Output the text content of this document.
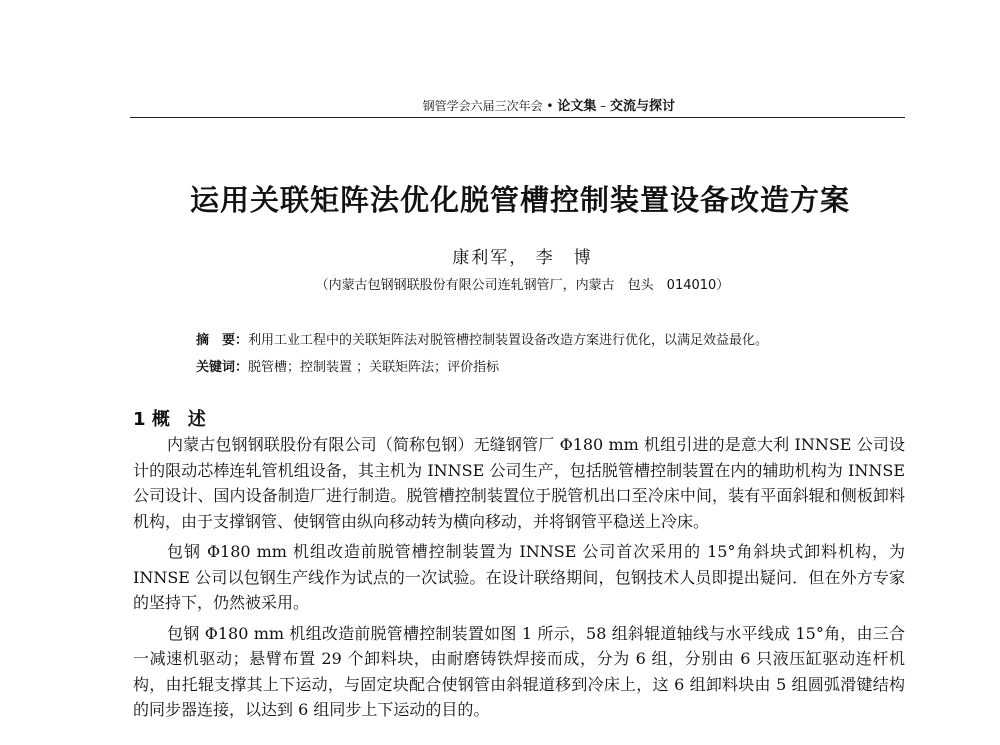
钢管学会六届三次年会 • 论文集 – 交流与探讨
运用关联矩阵法优化脱管槽控制装置设备改造方案
康利军， 李　博
（内蒙古包钢钢联股份有限公司连轧钢管厂，内蒙古　包头　014010）
摘　要：利用工业工程中的关联矩阵法对脱管槽控制装置设备改造方案进行优化，以满足效益最化。
关键词：脱管槽；控制装置 ；关联矩阵法；评价指标
1 概　述

内蒙古包钢钢联股份有限公司（简称包钢）无缝钢管厂 Φ180 mm 机组引进的是意大利 INNSE 公司设计的限动芯棒连轧管机组设备，其主机为 INNSE 公司生产，包括脱管槽控制装置在内的辅助机构为 INNSE 公司设计、国内设备制造厂进行制造。脱管槽控制装置位于脱管机出口至冷床中间，装有平面斜辊和侧板卸料机构，由于支撑钢管、使钢管由纵向移动转为横向移动，并将钢管平稳送上冷床。

包钢 Φ180 mm 机组改造前脱管槽控制装置为 INNSE 公司首次采用的 15°角斜块式卸料机构，为 INNSE 公司以包钢生产线作为试点的一次试验。在设计联络期间，包钢技术人员即提出疑问．但在外方专家的坚持下，仍然被采用。

包钢 Φ180 mm 机组改造前脱管槽控制装置如图 1 所示，58 组斜辊道轴线与水平线成 15°角，由三合一减速机驱动；悬臂布置 29 个卸料块，由耐磨铸铁焊接而成，分为 6 组，分别由 6 只液压缸驱动连杆机构，由托辊支撑其上下运动，与固定块配合使钢管由斜辊道移到冷床上，这 6 组卸料块由 5 组圆弧滑键结构的同步器连接，以达到 6 组同步上下运动的目的。
